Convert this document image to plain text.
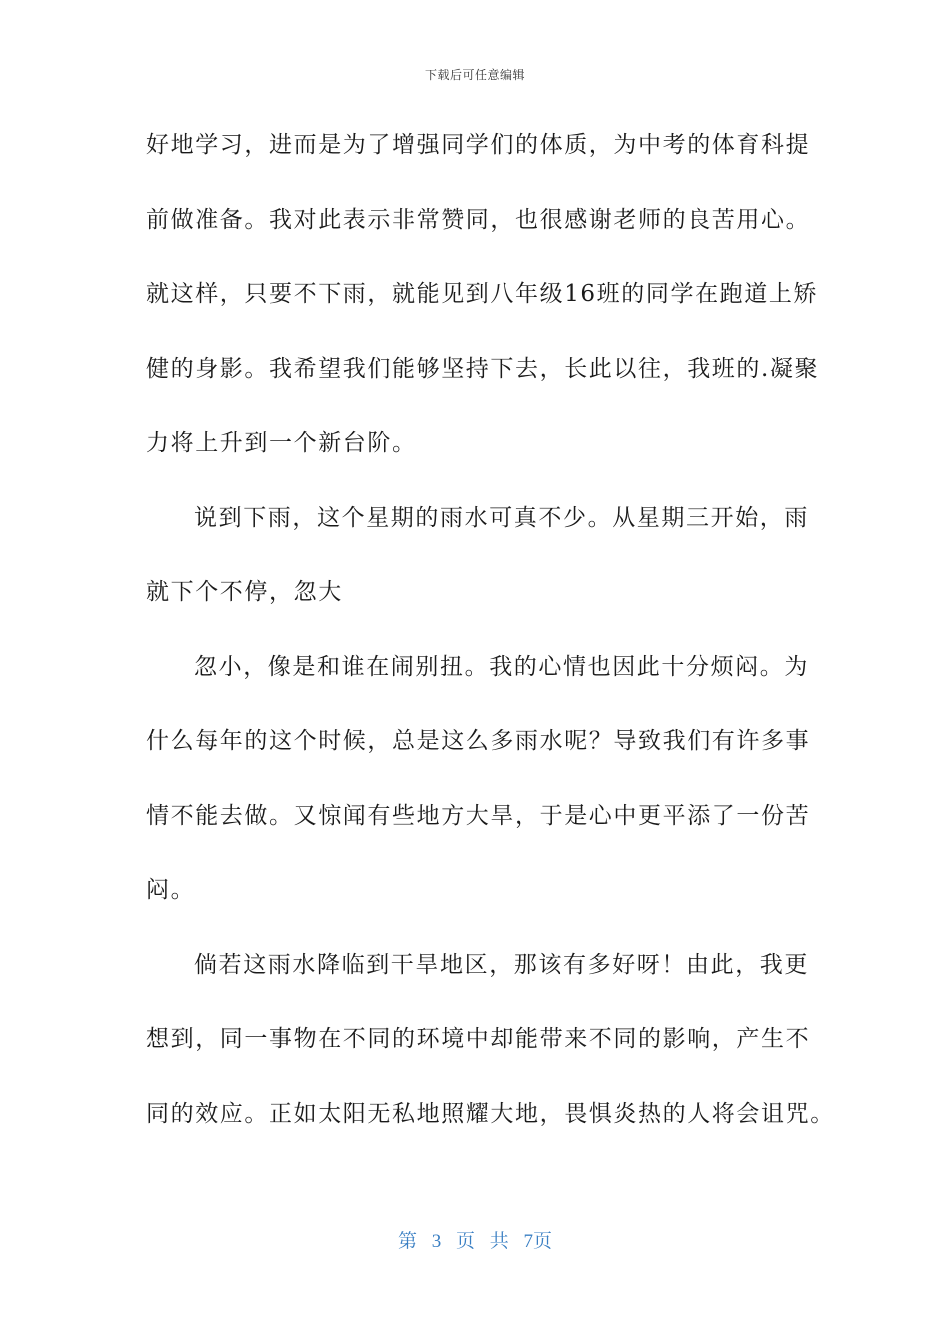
下载后可任意编辑
好地学习，进而是为了增强同学们的体质，为中考的体育科提
前做准备。我对此表示非常赞同，也很感谢老师的良苦用心。
就这样，只要不下雨，就能见到八年级16班的同学在跑道上矫
健的身影。我希望我们能够坚持下去，长此以往，我班的.凝聚
力将上升到一个新台阶。
说到下雨，这个星期的雨水可真不少。从星期三开始，雨
就下个不停，忽大
忽小，像是和谁在闹别扭。我的心情也因此十分烦闷。为
什么每年的这个时候，总是这么多雨水呢？导致我们有许多事
情不能去做。又惊闻有些地方大旱，于是心中更平添了一份苦
闷。
倘若这雨水降临到干旱地区，那该有多好呀！由此，我更
想到，同一事物在不同的环境中却能带来不同的影响，产生不
同的效应。正如太阳无私地照耀大地，畏惧炎热的人将会诅咒。
第 3 页 共 7页
